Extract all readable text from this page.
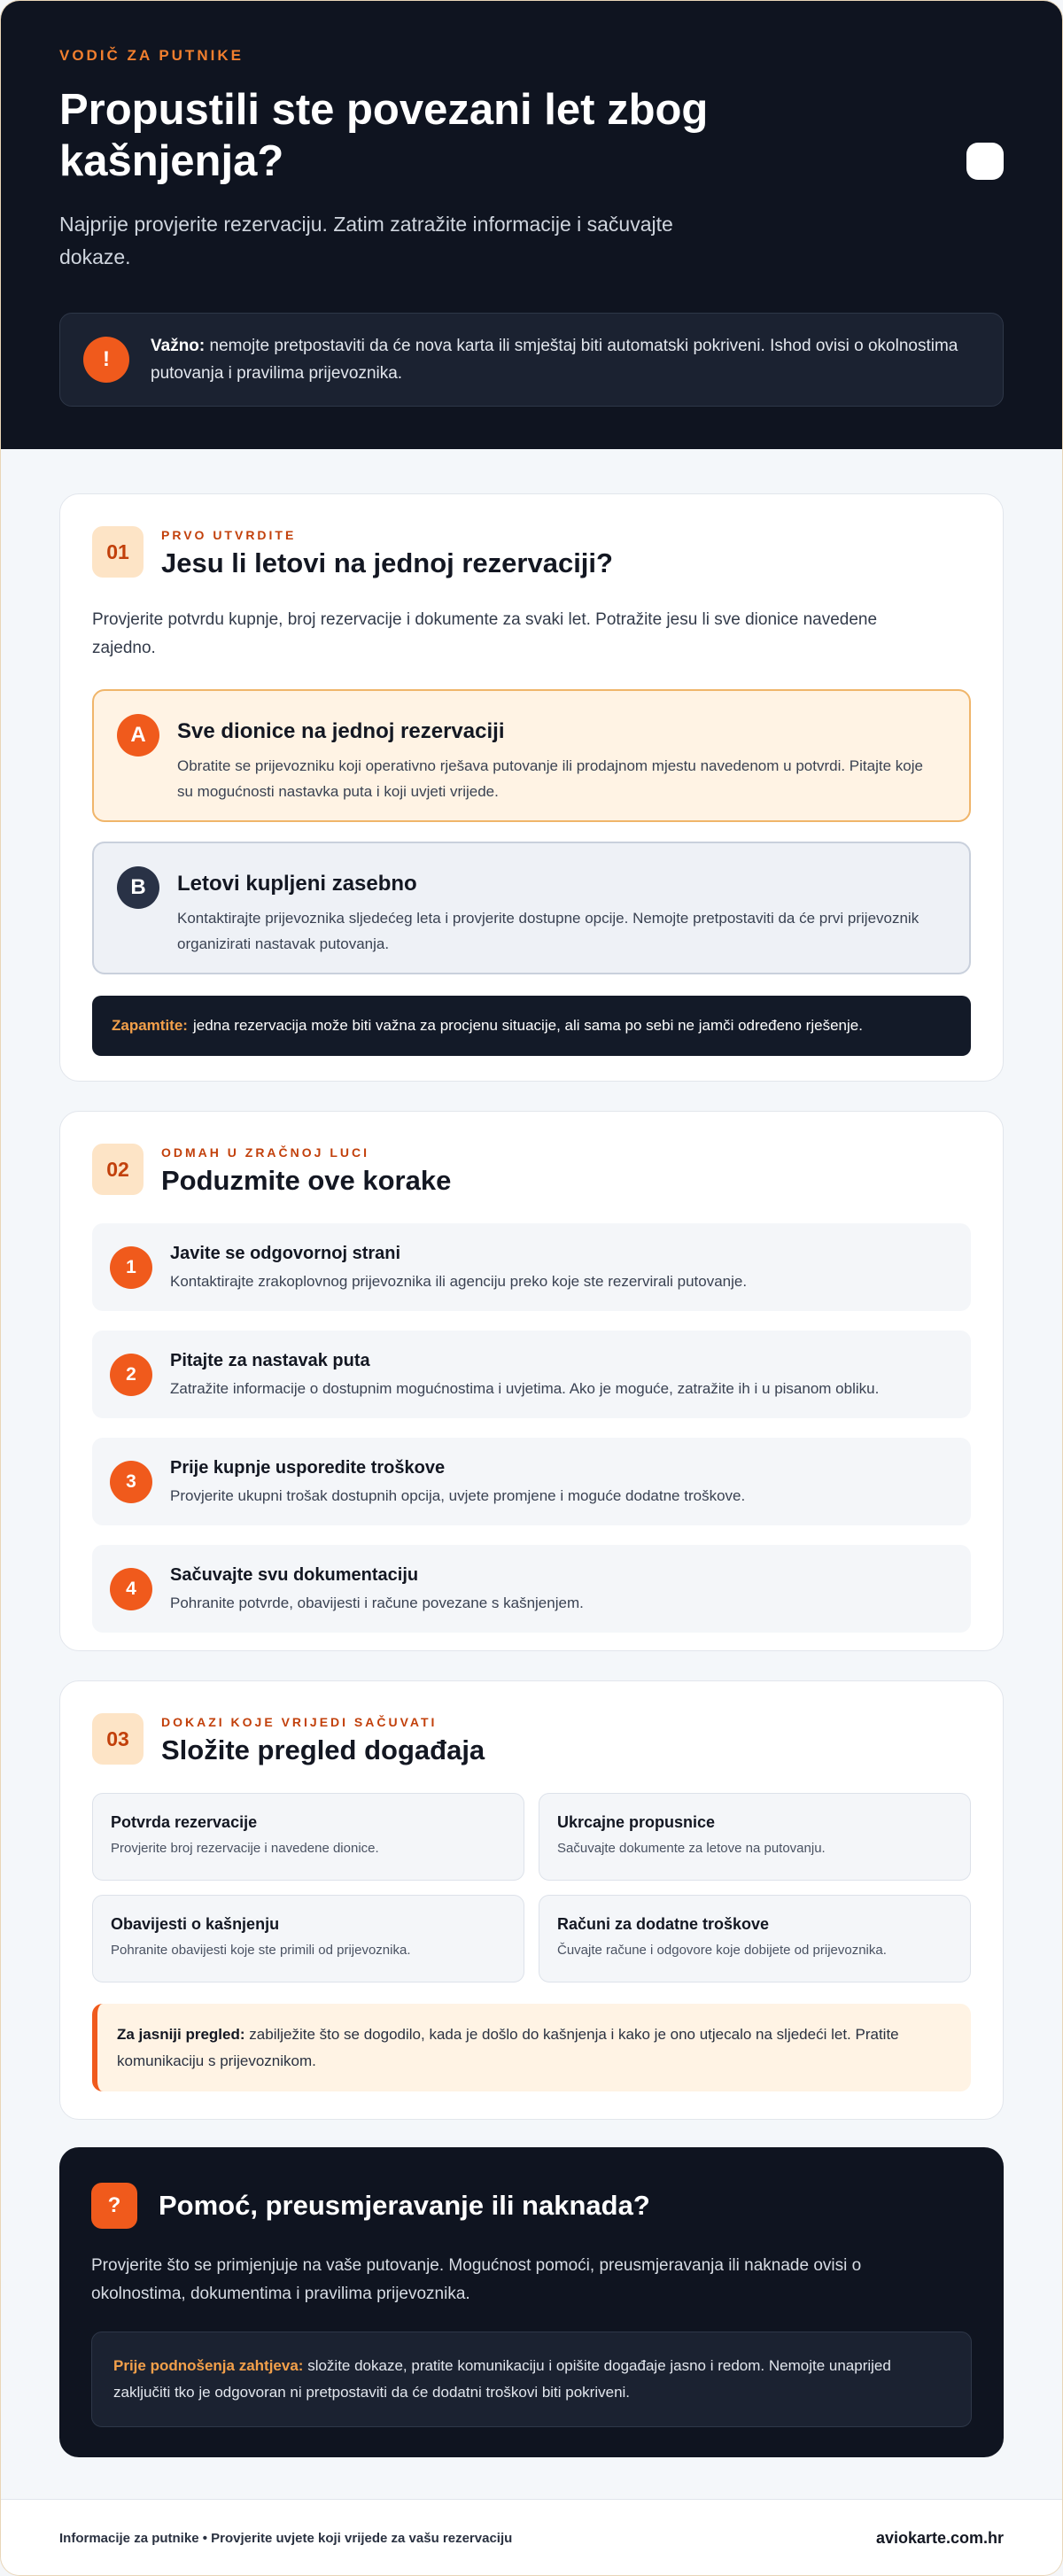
VODIČ ZA PUTNIKE
Propustili ste povezani let zbog kašnjenja?

Najprije provjerite rezervaciju. Zatim zatražite informacije i sačuvajte dokaze.

!

Važno: nemojte pretpostaviti da će nova karta ili smještaj biti automatski pokriveni. Ishod ovisi o okolnostima putovanja i pravilima prijevoznika.

01
PRVO UTVRDITE
Jesu li letovi na jednoj rezervaciji?

Provjerite potvrdu kupnje, broj rezervacije i dokumente za svaki let. Potražite jesu li sve dionice navedene zajedno.

A	Sve dionice na jednoj rezervaciji

Obratite se prijevozniku koji operativno rješava putovanje ili prodajnom mjestu navedenom u potvrdi. Pitajte koje su mogućnosti nastavka puta i koji uvjeti vrijede.

B	Letovi kupljeni zasebno

Kontaktirajte prijevoznika sljedećeg leta i provjerite dostupne opcije. Nemojte pretpostaviti da će prvi prijevoznik organizirati nastavak putovanja.

Zapamtite: jedna rezervacija može biti važna za procjenu situacije, ali sama po sebi ne jamči određeno rješenje.
02
ODMAH U ZRAČNOJ LUCI
Poduzmite ove korake
1
Javite se odgovornoj strani
Kontaktirajte zrakoplovnog prijevoznika ili agenciju preko koje ste rezervirali putovanje.
2
Pitajte za nastavak puta
Zatražite informacije o dostupnim mogućnostima i uvjetima. Ako je moguće, zatražite ih i u pisanom obliku.
3
Prije kupnje usporedite troškove
Provjerite ukupni trošak dostupnih opcija, uvjete promjene i moguće dodatne troškove.
4
Sačuvajte svu dokumentaciju
Pohranite potvrde, obavijesti i račune povezane s kašnjenjem.
03
DOKAZI KOJE VRIJEDI SAČUVATI
Složite pregled događaja
Potvrda rezervacije
Provjerite broj rezervacije i navedene dionice.
Ukrcajne propusnice
Sačuvajte dokumente za letove na putovanju.
Obavijesti o kašnjenju
Pohranite obavijesti koje ste primili od prijevoznika.
Računi za dodatne troškove
Čuvajte račune i odgovore koje dobijete od prijevoznika.

Za jasniji pregled: zabilježite što se dogodilo, kada je došlo do kašnjenja i kako je ono utjecalo na sljedeći let. Pratite komunikaciju s prijevoznikom.

?	Pomoć, preusmjeravanje ili naknada?

Provjerite što se primjenjuje na vaše putovanje. Mogućnost pomoći, preusmjeravanja ili naknade ovisi o okolnostima, dokumentima i pravilima prijevoznika.

Prije podnošenja zahtjeva: složite dokaze, pratite komunikaciju i opišite događaje jasno i redom. Nemojte unaprijed zaključiti tko je odgovoran ni pretpostaviti da će dodatni troškovi biti pokriveni.

Informacije za putnike • Provjerite uvjete koji vrijede za vašu rezervaciju	aviokarte.com.hr
